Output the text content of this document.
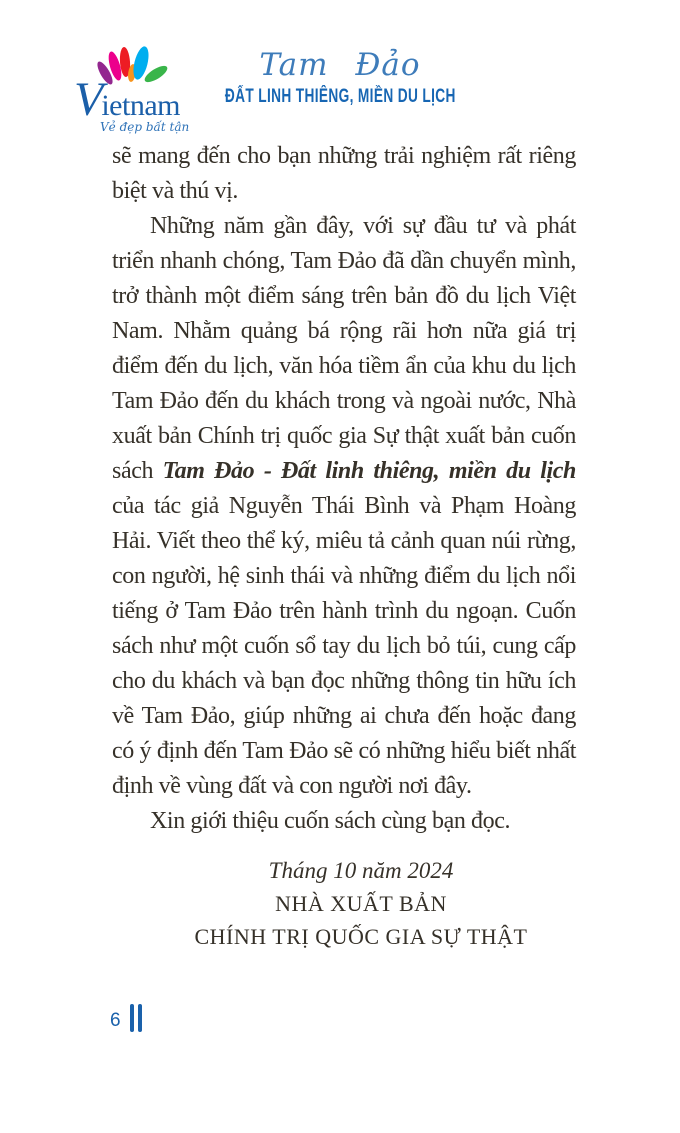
Vietnam
Vẻ đẹp bất tận
Tam Đảo
ĐẤT LINH THIÊNG, MIỀN DU LỊCH

sẽ mang đến cho bạn những trải nghiệm rất riêng biệt và thú vị.

Những năm gần đây, với sự đầu tư và phát triển nhanh chóng, Tam Đảo đã dần chuyển mình, trở thành một điểm sáng trên bản đồ du lịch Việt Nam. Nhằm quảng bá rộng rãi hơn nữa giá trị điểm đến du lịch, văn hóa tiềm ẩn của khu du lịch Tam Đảo đến du khách trong và ngoài nước, Nhà xuất bản Chính trị quốc gia Sự thật xuất bản cuốn sách Tam Đảo - Đất linh thiêng, miền du lịch của tác giả Nguyễn Thái Bình và Phạm Hoàng Hải. Viết theo thể ký, miêu tả cảnh quan núi rừng, con người, hệ sinh thái và những điểm du lịch nổi tiếng ở Tam Đảo trên hành trình du ngoạn. Cuốn sách như một cuốn sổ tay du lịch bỏ túi, cung cấp cho du khách và bạn đọc những thông tin hữu ích về Tam Đảo, giúp những ai chưa đến hoặc đang có ý định đến Tam Đảo sẽ có những hiểu biết nhất định về vùng đất và con người nơi đây.

Xin giới thiệu cuốn sách cùng bạn đọc.

Tháng 10 năm 2024
NHÀ XUẤT BẢN
CHÍNH TRỊ QUỐC GIA SỰ THẬT
6
